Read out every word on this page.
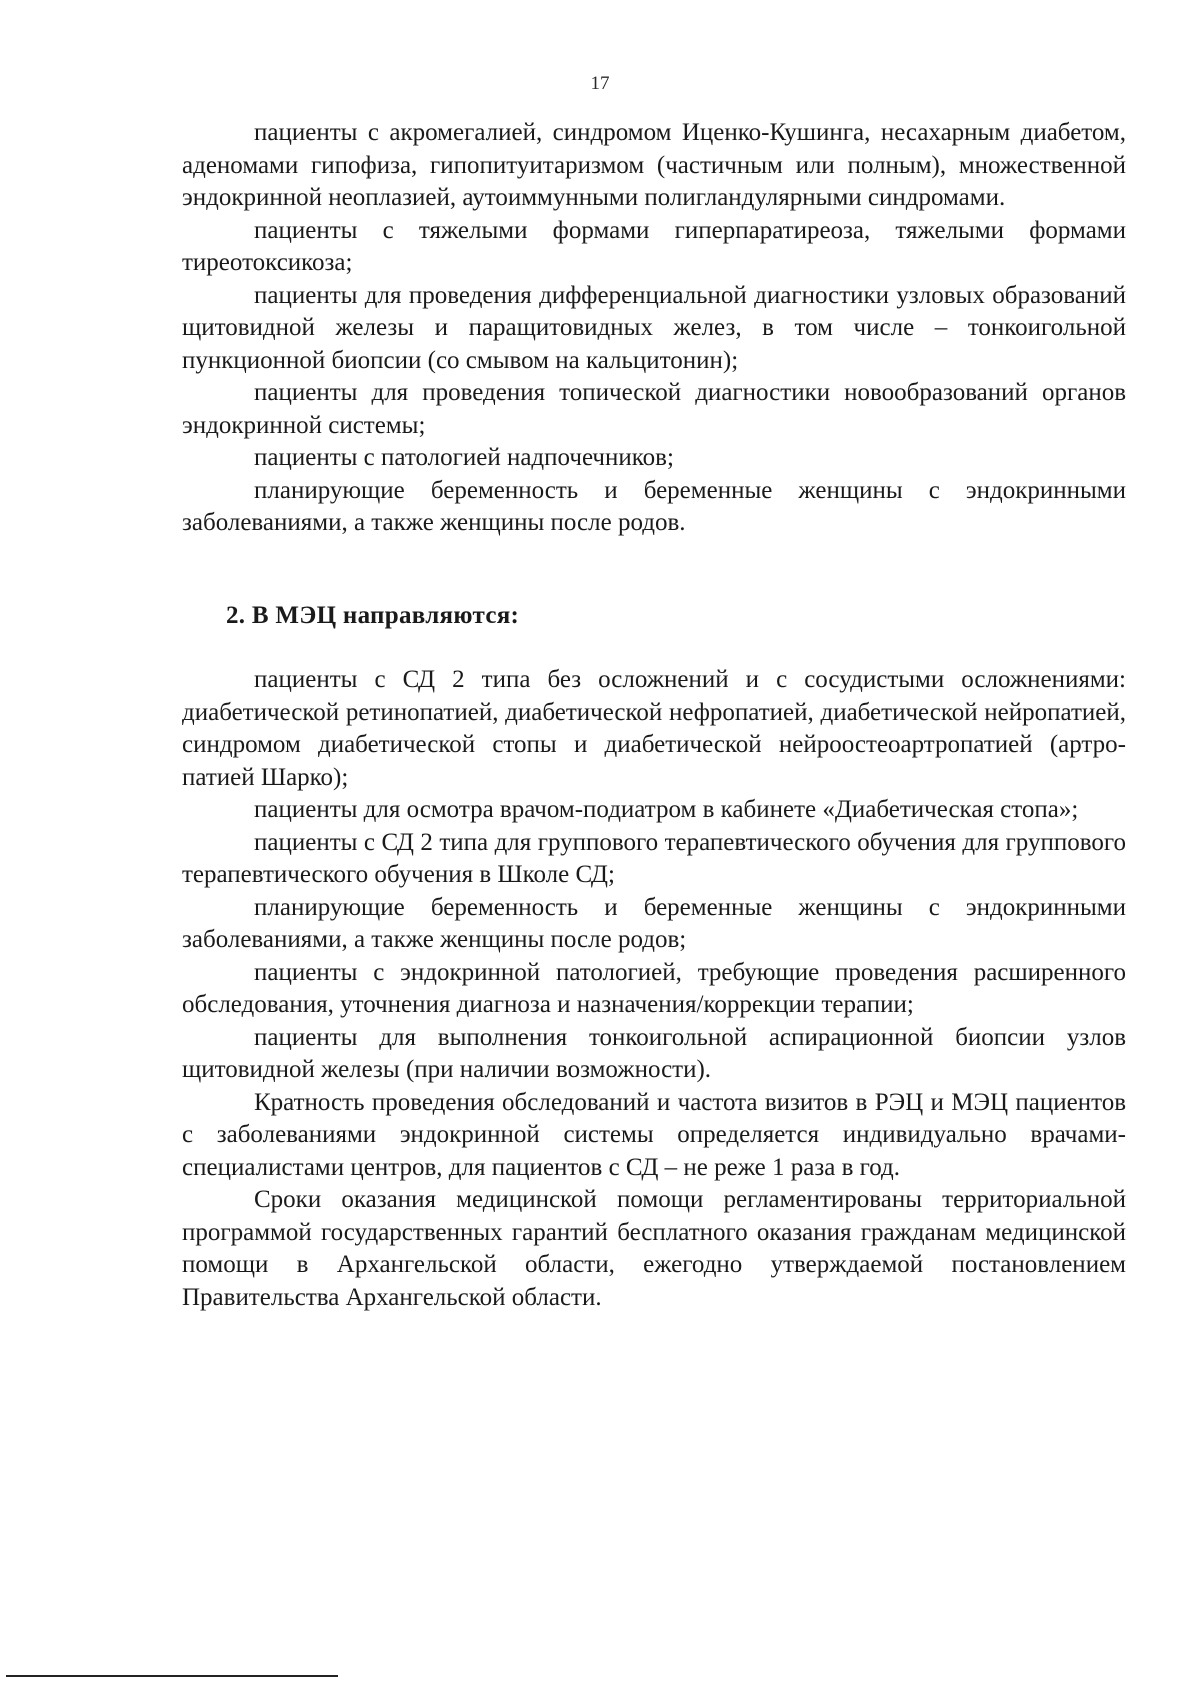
17

пациенты с акромегалией, синдромом Иценко-Кушинга, несахарным диабетом, аденомами гипофиза, гипопитуитаризмом (частичным или полным), множественной эндокринной неоплазией, аутоиммунными полигландулярными синдромами.

пациенты с тяжелыми формами гиперпаратиреоза, тяжелыми формами тиреотоксикоза;

пациенты для проведения дифференциальной диагностики узловых образований щитовидной железы и паращитовидных желез, в том числе – тонкоигольной пункционной биопсии (со смывом на кальцитонин);

пациенты для проведения топической диагностики новообразований органов эндокринной системы;

пациенты с патологией надпочечников;

планирующие беременность и беременные женщины с эндокринными заболеваниями, а также женщины после родов.

2. В МЭЦ направляются:

пациенты с СД 2 типа без осложнений и с сосудистыми осложнениями: диабетической ретинопатией, диабетической нефропатией, диабетической нейропатией, синдромом диабетической стопы и диабетической нейроостеоартропатией (артро- патией Шарко);

пациенты для осмотра врачом-подиатром в кабинете «Диабетическая стопа»;

пациенты с СД 2 типа для группового терапевтического обучения для группового терапевтического обучения в Школе СД;

планирующие беременность и беременные женщины с эндокринными заболеваниями, а также женщины после родов;

пациенты с эндокринной патологией, требующие проведения расширенного обследования, уточнения диагноза и назначения/коррекции терапии;

пациенты для выполнения тонкоигольной аспирационной биопсии узлов щитовидной железы (при наличии возможности).

Кратность проведения обследований и частота визитов в РЭЦ и МЭЦ пациентов с заболеваниями эндокринной системы определяется индивидуально врачами-специалистами центров, для пациентов с СД – не реже 1 раза в год.

Сроки оказания медицинской помощи регламентированы территориальной программой государственных гарантий бесплатного оказания гражданам медицинской помощи в Архангельской области, ежегодно утверждаемой постановлением Правительства Архангельской области.
